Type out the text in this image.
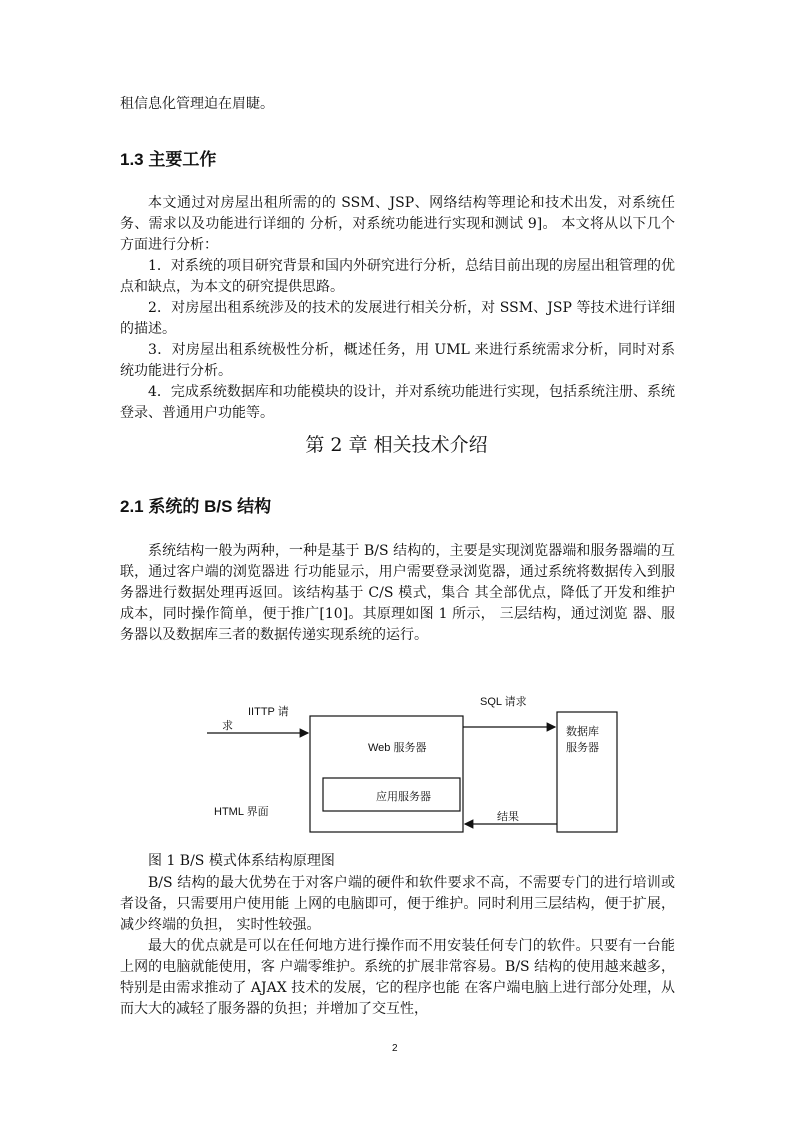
租信息化管理迫在眉睫。

1.3 主要工作

本文通过对房屋出租所需的的 SSM、JSP、网络结构等理论和技术出发，对系统任务、需求以及功能进行详细的 分析，对系统功能进行实现和测试 9]。 本文将从以下几个方面进行分析：

1．对系统的项目研究背景和国内外研究进行分析，总结目前出现的房屋出租管理的优点和缺点，为本文的研究提供思路。

2．对房屋出租系统涉及的技术的发展进行相关分析，对 SSM、JSP 等技术进行详细的描述。

3．对房屋出租系统极性分析，概述任务，用 UML 来进行系统需求分析，同时对系统功能进行分析。

4．完成系统数据库和功能模块的设计，并对系统功能进行实现，包括系统注册、系统登录、普通用户功能等。

第 2 章 相关技术介绍
2.1 系统的 B/S 结构

系统结构一般为两种，一种是基于 B/S 结构的，主要是实现浏览器端和服务器端的互联，通过客户端的浏览器进 行功能显示，用户需要登录浏览器，通过系统将数据传入到服务器进行数据处理再返回。该结构基于 C/S 模式，集合 其全部优点，降低了开发和维护成本，同时操作简单，便于推广[10]。其原理如图 1 所示， 三层结构，通过浏览 器、服务器以及数据库三者的数据传递实现系统的运行。

IITTP 请
求
Web 服务器
应用服务器
SQL 请求
数据库
服务器
HTML 界面	结果
图 1 B/S 模式体系结构原理图

B/S 结构的最大优势在于对客户端的硬件和软件要求不高，不需要专门的进行培训或者设备，只需要用户使用能 上网的电脑即可，便于维护。同时利用三层结构，便于扩展，减少终端的负担， 实时性较强。

最大的优点就是可以在任何地方进行操作而不用安装任何专门的软件。只要有一台能上网的电脑就能使用，客 户端零维护。系统的扩展非常容易。B/S 结构的使用越来越多，特别是由需求推动了 AJAX 技术的发展，它的程序也能 在客户端电脑上进行部分处理，从而大大的减轻了服务器的负担；并增加了交互性，

2
